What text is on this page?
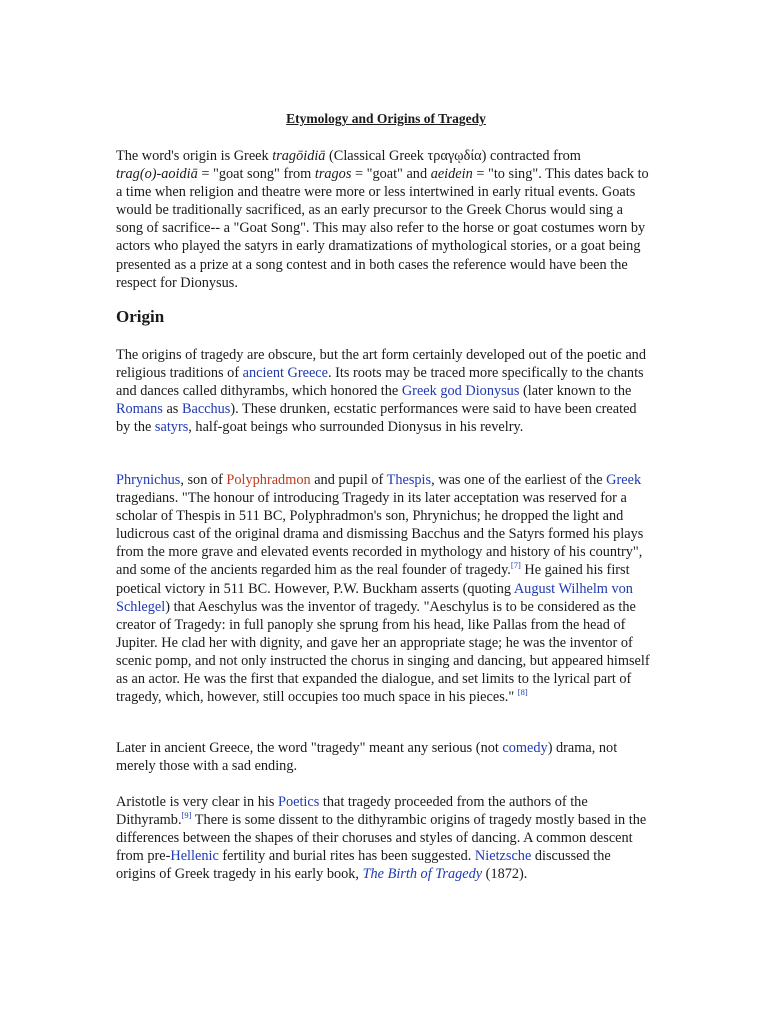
Etymology and Origins of Tragedy

The word's origin is Greek tragōidiā (Classical Greek τραγῳδία) contracted from
trag(o)-aoidiā = "goat song" from tragos = "goat" and aeidein = "to sing". This dates back to a time when religion and theatre were more or less intertwined in early ritual events. Goats would be traditionally sacrificed, as an early precursor to the Greek Chorus would sing a song of sacrifice-- a "Goat Song". This may also refer to the horse or goat costumes worn by actors who played the satyrs in early dramatizations of mythological stories, or a goat being presented as a prize at a song contest and in both cases the reference would have been the respect for Dionysus.

Origin

The origins of tragedy are obscure, but the art form certainly developed out of the poetic and religious traditions of ancient Greece. Its roots may be traced more specifically to the chants and dances called dithyrambs, which honored the Greek god Dionysus (later known to the Romans as Bacchus). These drunken, ecstatic performances were said to have been created by the satyrs, half-goat beings who surrounded Dionysus in his revelry.

Phrynichus, son of Polyphradmon and pupil of Thespis, was one of the earliest of the Greek tragedians. "The honour of introducing Tragedy in its later acceptation was reserved for a scholar of Thespis in 511 BC, Polyphradmon's son, Phrynichus; he dropped the light and ludicrous cast of the original drama and dismissing Bacchus and the Satyrs formed his plays from the more grave and elevated events recorded in mythology and history of his country", and some of the ancients regarded him as the real founder of tragedy.[7] He gained his first poetical victory in 511 BC. However, P.W. Buckham asserts (quoting August Wilhelm von Schlegel) that Aeschylus was the inventor of tragedy. "Aeschylus is to be considered as the creator of Tragedy: in full panoply she sprung from his head, like Pallas from the head of Jupiter. He clad her with dignity, and gave her an appropriate stage; he was the inventor of scenic pomp, and not only instructed the chorus in singing and dancing, but appeared himself as an actor. He was the first that expanded the dialogue, and set limits to the lyrical part of tragedy, which, however, still occupies too much space in his pieces." [8]

Later in ancient Greece, the word "tragedy" meant any serious (not comedy) drama, not merely those with a sad ending.

Aristotle is very clear in his Poetics that tragedy proceeded from the authors of the Dithyramb.[9] There is some dissent to the dithyrambic origins of tragedy mostly based in the differences between the shapes of their choruses and styles of dancing. A common descent from pre-Hellenic fertility and burial rites has been suggested. Nietzsche discussed the origins of Greek tragedy in his early book, The Birth of Tragedy (1872).
